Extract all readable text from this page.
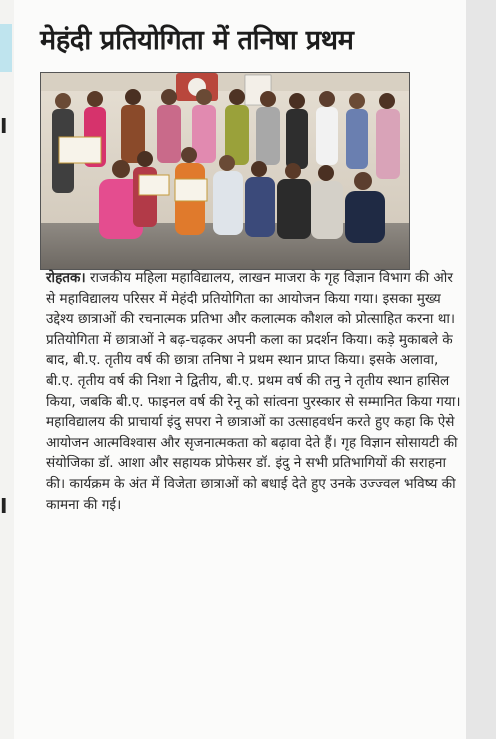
I
I
मेहंदी प्रतियोगिता में तनिषा प्रथम

रोहतक। राजकीय महिला महाविद्यालय, लाखन माजरा के गृह विज्ञान विभाग की ओर से महाविद्यालय परिसर में मेहंदी प्रतियोगिता का आयोजन किया गया। इसका मुख्य उद्देश्य छात्राओं की रचनात्मक प्रतिभा और कलात्मक कौशल को प्रोत्साहित करना था। प्रतियोगिता में छात्राओं ने बढ़-चढ़कर अपनी कला का प्रदर्शन किया। कड़े मुकाबले के बाद, बी.ए. तृतीय वर्ष की छात्रा तनिषा ने प्रथम स्थान प्राप्त किया। इसके अलावा, बी.ए. तृतीय वर्ष की निशा ने द्वितीय, बी.ए. प्रथम वर्ष की तनु ने तृतीय स्थान हासिल किया, जबकि बी.ए. फाइनल वर्ष की रेनू को सांत्वना पुरस्कार से सम्मानित किया गया। महाविद्यालय की प्राचार्या इंदु सपरा ने छात्राओं का उत्साहवर्धन करते हुए कहा कि ऐसे आयोजन आत्मविश्वास और सृजनात्मकता को बढ़ावा देते हैं। गृह विज्ञान सोसायटी की संयोजिका डॉ. आशा और सहायक प्रोफेसर डॉ. इंदु ने सभी प्रतिभागियों की सराहना की। कार्यक्रम के अंत में विजेता छात्राओं को बधाई देते हुए उनके उज्ज्वल भविष्य की कामना की गई।
